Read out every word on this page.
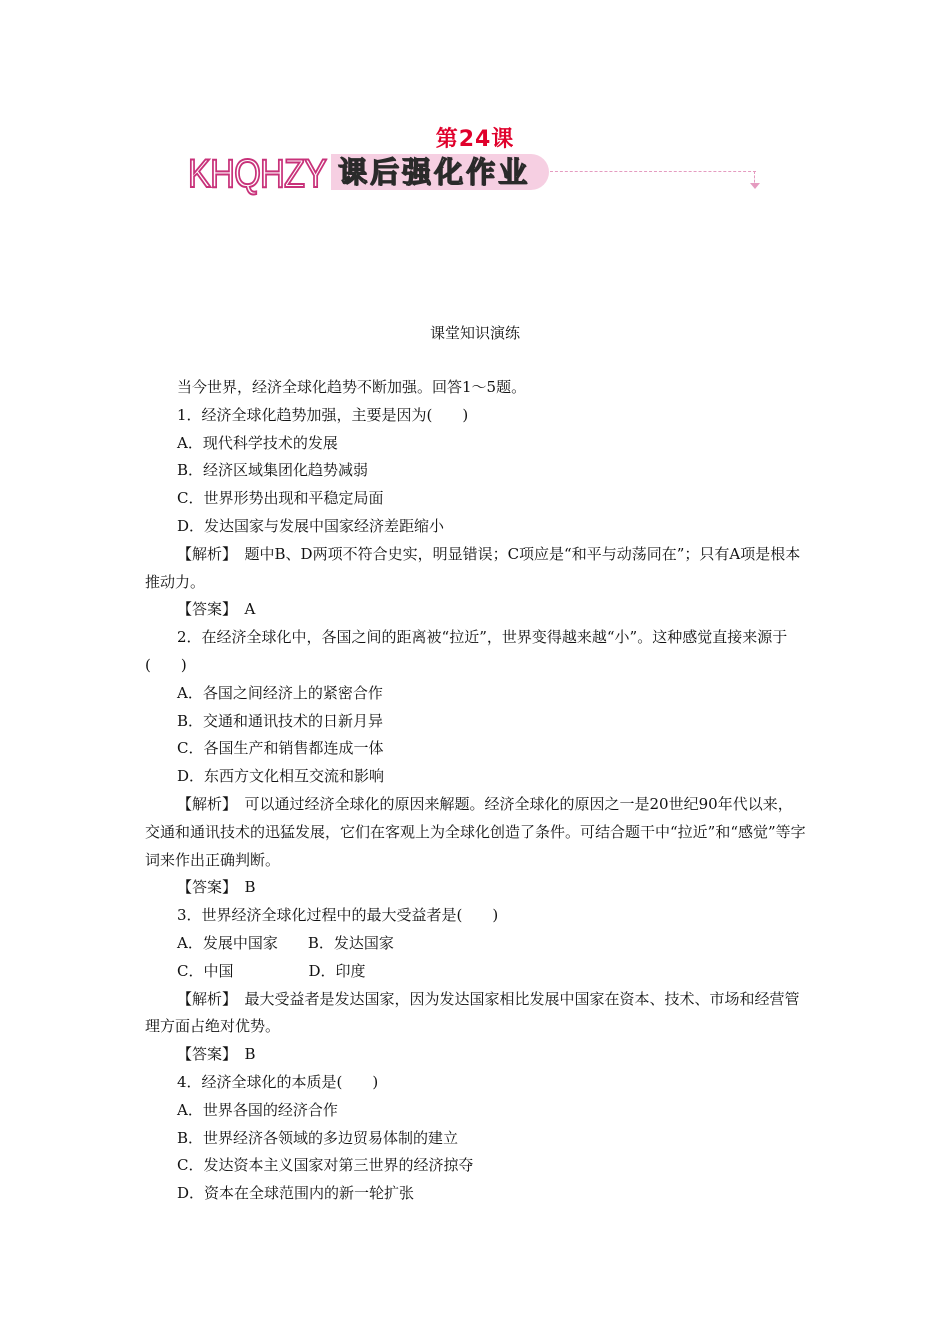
第24课
KHQHZY 课后强化作业
课堂知识演练

当今世界，经济全球化趋势不断加强。回答1～5题。

1．经济全球化趋势加强，主要是因为(　　)

A．现代科学技术的发展

B．经济区域集团化趋势减弱

C．世界形势出现和平稳定局面

D．发达国家与发展中国家经济差距缩小

【解析】　题中B、D两项不符合史实，明显错误；C项应是“和平与动荡同在”；只有A项是根本推动力。

【答案】　A

2．在经济全球化中，各国之间的距离被“拉近”，世界变得越来越“小”。这种感觉直接来源于(　　)

A．各国之间经济上的紧密合作

B．交通和通讯技术的日新月异

C．各国生产和销售都连成一体

D．东西方文化相互交流和影响

【解析】　可以通过经济全球化的原因来解题。经济全球化的原因之一是20世纪90年代以来，交通和通讯技术的迅猛发展，它们在客观上为全球化创造了条件。可结合题干中“拉近”和“感觉”等字词来作出正确判断。

【答案】　B

3．世界经济全球化过程中的最大受益者是(　　)

A．发展中国家　　B．发达国家

C．中国　　　　　D．印度

【解析】　最大受益者是发达国家，因为发达国家相比发展中国家在资本、技术、市场和经营管理方面占绝对优势。

【答案】　B

4．经济全球化的本质是(　　)

A．世界各国的经济合作

B．世界经济各领域的多边贸易体制的建立

C．发达资本主义国家对第三世界的经济掠夺

D．资本在全球范围内的新一轮扩张
